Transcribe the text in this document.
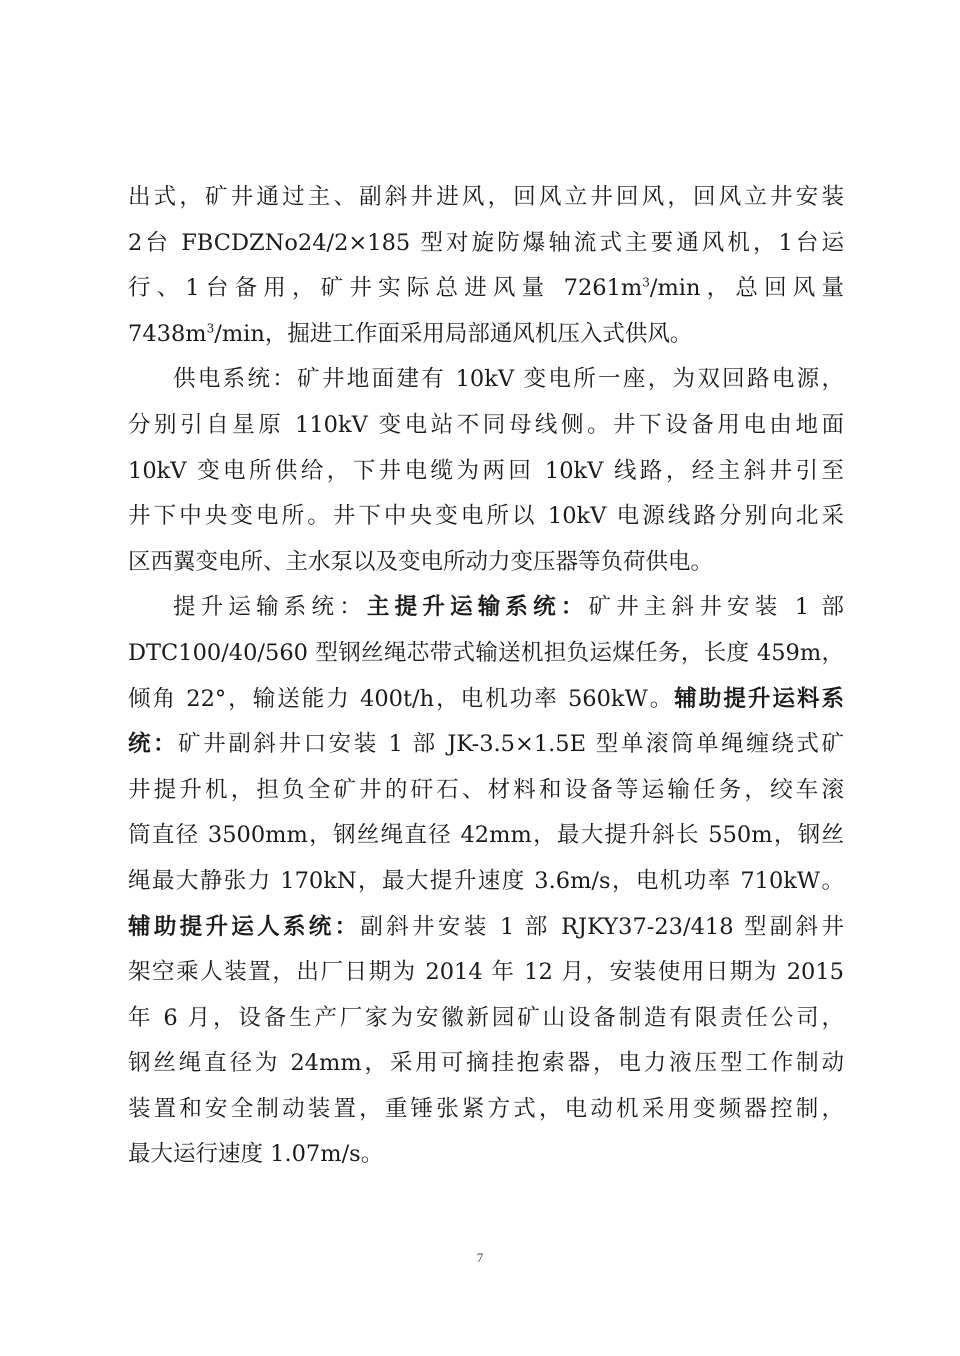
出式，矿井通过主、副斜井进风，回风立井回风，回风立井安装
2台 FBCDZNo24/2×185 型对旋防爆轴流式主要通风机，1台运
行、1台备用，矿井实际总进风量 $7261m^3/\min$，总回风量
$7438m^3/\min$，掘进工作面采用局部通风机压入式供风。
供电系统：矿井地面建有 10kV 变电所一座，为双回路电源，
分别引自星原 110kV 变电站不同母线侧。井下设备用电由地面
10kV 变电所供给，下井电缆为两回 10kV 线路，经主斜井引至
井下中央变电所。井下中央变电所以 10kV 电源线路分别向北采
区西翼变电所、主水泵以及变电所动力变压器等负荷供电。
提升运输系统：主提升运输系统：矿井主斜井安装 1 部
DTC100/40/560 型钢丝绳芯带式输送机担负运煤任务，长度 459m，
倾角 22°，输送能力 400t/h，电机功率 560kW。辅助提升运料系
统：矿井副斜井口安装 1 部 JK-3.5×1.5E 型单滚筒单绳缠绕式矿
井提升机，担负全矿井的矸石、材料和设备等运输任务，绞车滚
筒直径 3500mm，钢丝绳直径 42mm，最大提升斜长 550m，钢丝
绳最大静张力 170kN，最大提升速度 3.6m/s，电机功率 710kW。
辅助提升运人系统：副斜井安装 1 部 RJKY37-23/418 型副斜井
架空乘人装置，出厂日期为 2014 年 12 月，安装使用日期为 2015
年 6 月，设备生产厂家为安徽新园矿山设备制造有限责任公司，
钢丝绳直径为 24mm，采用可摘挂抱索器，电力液压型工作制动
装置和安全制动装置，重锤张紧方式，电动机采用变频器控制，
最大运行速度 1.07m/s。
7
